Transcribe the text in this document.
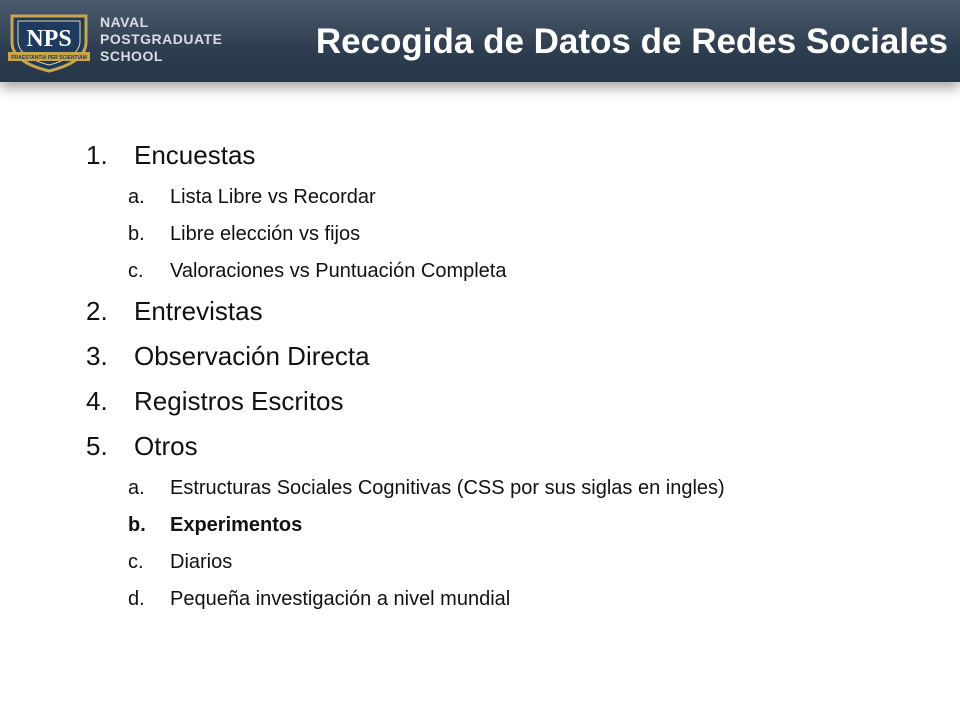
NPS
PRAESTANTIA PER SCIENTIAM
NAVAL
POSTGRADUATE
SCHOOL	Recogida de Datos de Redes Sociales
1. Encuestas
a. Lista Libre vs Recordar
b. Libre elección vs fijos
c. Valoraciones vs Puntuación Completa
2. Entrevistas
3. Observación Directa
4. Registros Escritos
5. Otros
a. Estructuras Sociales Cognitivas (CSS por sus siglas en ingles)
b. Experimentos
c. Diarios
d. Pequeña investigación a nivel mundial
